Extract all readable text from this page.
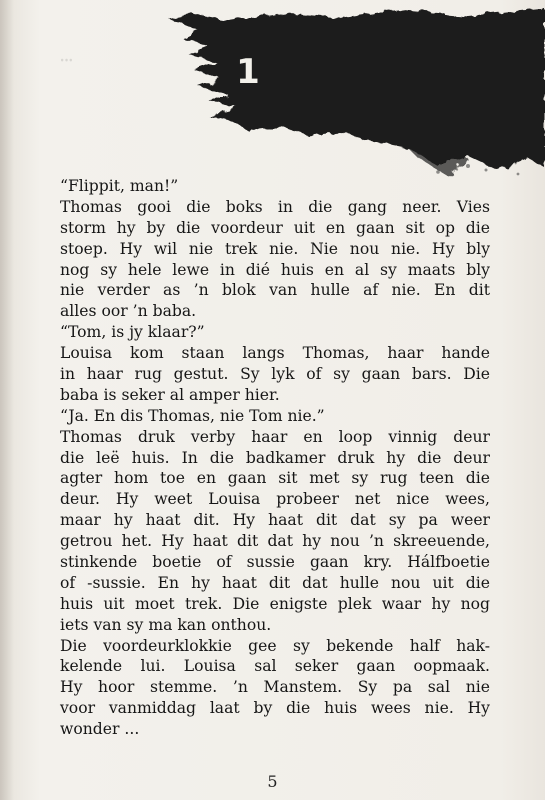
1
“Flippit, man!”
Thomas gooi die boks in die gang neer. Vies
storm hy by die voordeur uit en gaan sit op die
stoep. Hy wil nie trek nie. Nie nou nie. Hy bly
nog sy hele lewe in dié huis en al sy maats bly
nie verder as ’n blok van hulle af nie. En dit
alles oor ’n baba.
“Tom, is jy klaar?”
Louisa kom staan langs Thomas, haar hande
in haar rug gestut. Sy lyk of sy gaan bars. Die
baba is seker al amper hier.
“Ja. En dis Thomas, nie Tom nie.”
Thomas druk verby haar en loop vinnig deur
die leë huis. In die badkamer druk hy die deur
agter hom toe en gaan sit met sy rug teen die
deur. Hy weet Louisa probeer net nice wees,
maar hy haat dit. Hy haat dit dat sy pa weer
getrou het. Hy haat dit dat hy nou ’n skreeuende,
stinkende boetie of sussie gaan kry. Hálfboetie
of -sussie. En hy haat dit dat hulle nou uit die
huis uit moet trek. Die enigste plek waar hy nog
iets van sy ma kan onthou.
Die voordeurklokkie gee sy bekende half hak-
kelende lui. Louisa sal seker gaan oopmaak.
Hy hoor stemme. ’n Manstem. Sy pa sal nie
voor vanmiddag laat by die huis wees nie. Hy
wonder ...
5
